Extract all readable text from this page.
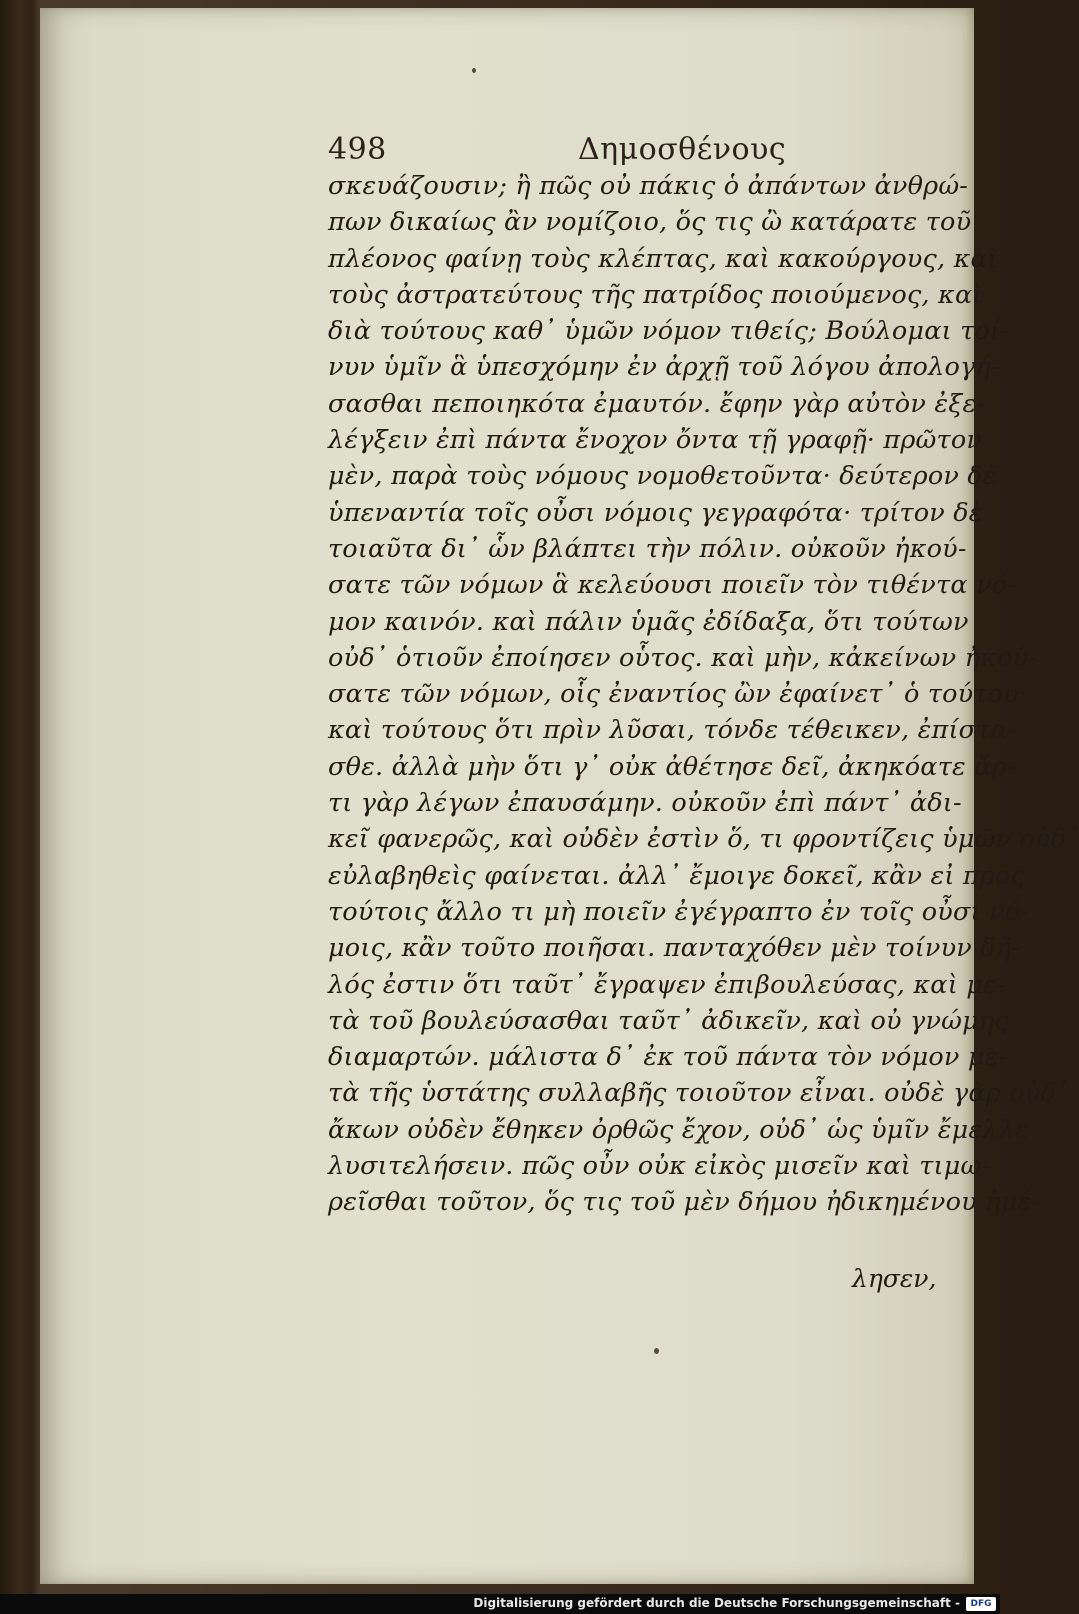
498	Δημοσθένους
σκευάζουσιν; ἢ πῶς οὐ πάκις ὁ ἀπάντων ἀνθρώ-
πων δικαίως ἂν νομίζοιο, ὅς τις ὢ κατάρατε τοῦ
πλέονος φαίνῃ τοὺς κλέπτας, καὶ κακούργους, καὶ
τοὺς ἀστρατεύτους τῆς πατρίδος ποιούμενος, καὶ
διὰ τούτους καθ᾽ ὑμῶν νόμον τιθείς; Βούλομαι τοί-
νυν ὑμῖν ἃ ὑπεσχόμην ἐν ἀρχῇ τοῦ λόγου ἀπολογή-
σασθαι πεποιηκότα ἐμαυτόν. ἔφην γὰρ αὐτὸν ἐξε-
λέγξειν ἐπὶ πάντα ἔνοχον ὄντα τῇ γραφῇ· πρῶτον
μὲν, παρὰ τοὺς νόμους νομοθετοῦντα· δεύτερον δὲ
ὑπεναντία τοῖς οὖσι νόμοις γεγραφότα· τρίτον δὲ
τοιαῦτα δι᾽ ὧν βλάπτει τὴν πόλιν. οὐκοῦν ἠκού-
σατε τῶν νόμων ἃ κελεύουσι ποιεῖν τὸν τιθέντα νό-
μον καινόν. καὶ πάλιν ὑμᾶς ἐδίδαξα, ὅτι τούτων
οὐδ᾽ ὁτιοῦν ἐποίησεν οὗτος. καὶ μὴν, κἀκείνων ἠκού-
σατε τῶν νόμων, οἷς ἐναντίος ὢν ἐφαίνετ᾽ ὁ τούτου·
καὶ τούτους ὅτι πρὶν λῦσαι, τόνδε τέθεικεν, ἐπίστα-
σθε. ἀλλὰ μὴν ὅτι γ᾽ οὐκ ἀθέτησε δεῖ, ἀκηκόατε ἄρ-
τι γὰρ λέγων ἐπαυσάμην. οὐκοῦν ἐπὶ πάντ᾽ ἀδι-
κεῖ φανερῶς, καὶ οὐδὲν ἐστὶν ὅ, τι φροντίζεις ὑμῶν οὐδ᾽
εὐλαβηθεὶς φαίνεται. ἀλλ᾽ ἔμοιγε δοκεῖ, κἂν εἰ πρὸς
τούτοις ἄλλο τι μὴ ποιεῖν ἐγέγραπτο ἐν τοῖς οὖσι νό-
μοις, κἂν τοῦτο ποιῆσαι. πανταχόθεν μὲν τοίνυν δῆ-
λός ἐστιν ὅτι ταῦτ᾽ ἔγραψεν ἐπιβουλεύσας, καὶ με-
τὰ τοῦ βουλεύσασθαι ταῦτ᾽ ἀδικεῖν, καὶ οὐ γνώμης
διαμαρτών. μάλιστα δ᾽ ἐκ τοῦ πάντα τὸν νόμον με-
τὰ τῆς ὑστάτης συλλαβῆς τοιοῦτον εἶναι. οὐδὲ γὰρ οὐδ᾽
ἄκων οὐδὲν ἔθηκεν ὀρθῶς ἔχον, οὐδ᾽ ὡς ὑμῖν ἔμελλε
λυσιτελήσειν. πῶς οὖν οὐκ εἰκὸς μισεῖν καὶ τιμω-
ρεῖσθαι τοῦτον, ὅς τις τοῦ μὲν δήμου ἠδικημένου ἠμέ-
λησεν,
Digitalisierung gefördert durch die Deutsche Forschungsgemeinschaft -	DFG
